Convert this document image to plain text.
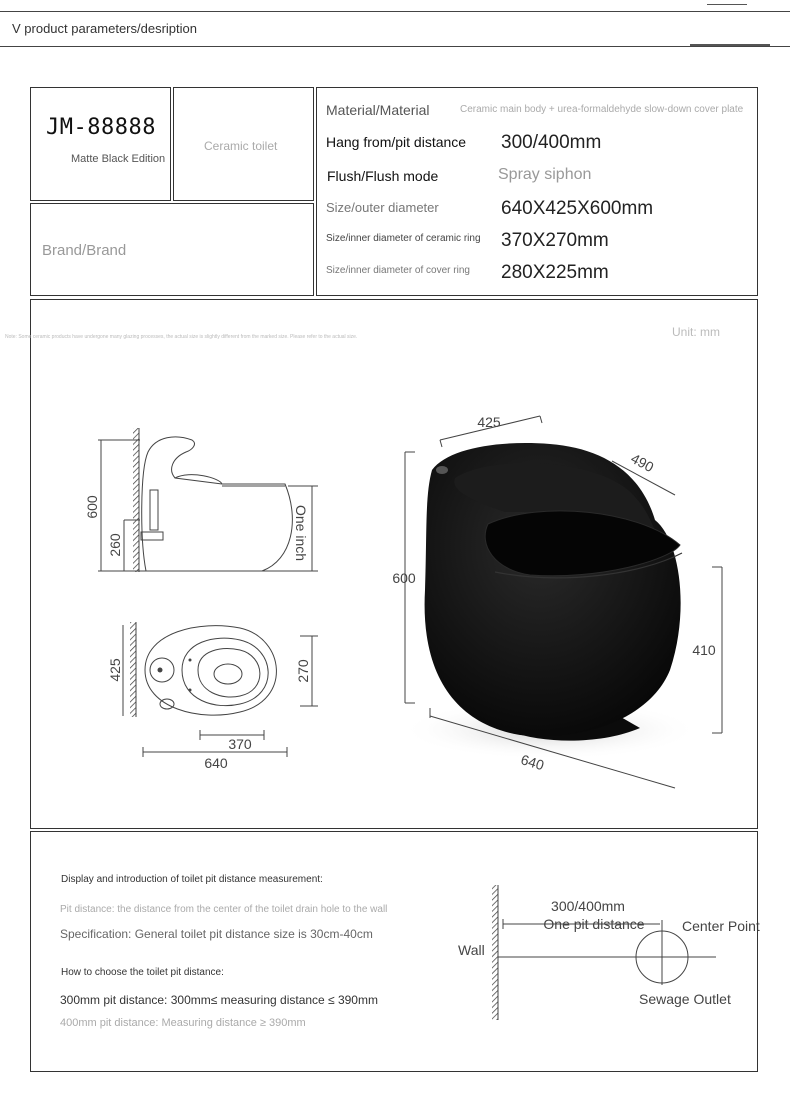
V product parameters/desription
JM-88888
Matte Black Edition
Ceramic toilet
Brand/Brand
Material/Material	Ceramic main body + urea-formaldehyde slow-down cover plate
Hang from/pit distance 300/400mm
Flush/Flush mode	Spray siphon
Size/outer diameter	640X425X600mm
Size/inner diameter of ceramic ring 370X270mm
Size/inner diameter of cover ring 280X225mm
Note: Some ceramic products have undergone many glazing processes, the actual size is slightly different from the marked size. Please refer to the actual size.	Unit: mm
600
260	One inch
425	270
370
640
425
490
600
410
640
300/400mm
One pit distance	Center Point
Wall
Sewage Outlet
Display and introduction of toilet pit distance measurement:
Pit distance: the distance from the center of the toilet drain hole to the wall
Specification: General toilet pit distance size is 30cm-40cm
How to choose the toilet pit distance:
300mm pit distance: 300mm≤ measuring distance ≤ 390mm
400mm pit distance: Measuring distance ≥ 390mm
